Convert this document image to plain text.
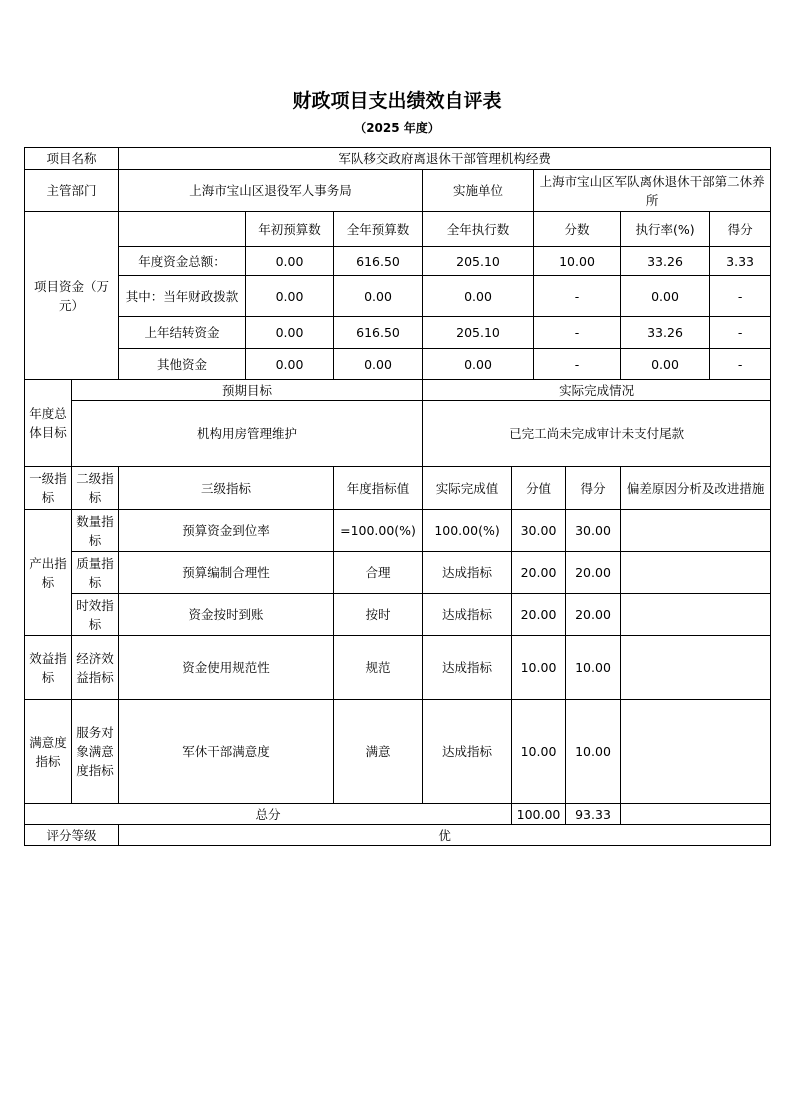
财政项目支出绩效自评表
（2025 年度）
项目名称		军队移交政府离退休干部管理机构经费								
主管部门		上海市宝山区退役军人事务局			实施单位		上海市宝山区军队离休退休干部第二休养所			
项目资金（万元）			年初预算数	全年预算数	全年执行数		分数		执行率(%)	得分
		年度资金总额：	0.00	616.50	205.10		10.00		33.26	3.33
		其中：当年财政拨款	0.00	0.00	0.00		-		0.00	-
		上年结转资金	0.00	616.50	205.10		-		33.26	-
		其他资金	0.00	0.00	0.00		-		0.00	-
年度总体目标	预期目标				实际完成情况					
	机构用房管理维护				已完工尚未完成审计未支付尾款					
一级指标	二级指标	三级指标		年度指标值	实际完成值	分值		得分	偏差原因分析及改进措施	
产出指标	数量指标	预算资金到位率		=100.00(%)	100.00(%)	30.00		30.00		
	质量指标	预算编制合理性		合理	达成指标	20.00		20.00		
	时效指标	资金按时到账		按时	达成指标	20.00		20.00		
效益指标	经济效益指标	资金使用规范性		规范	达成指标	10.00		10.00		
满意度指标	服务对象满意度指标	军休干部满意度		满意	达成指标	10.00		10.00		
总分						100.00		93.33		
评分等级		优								
